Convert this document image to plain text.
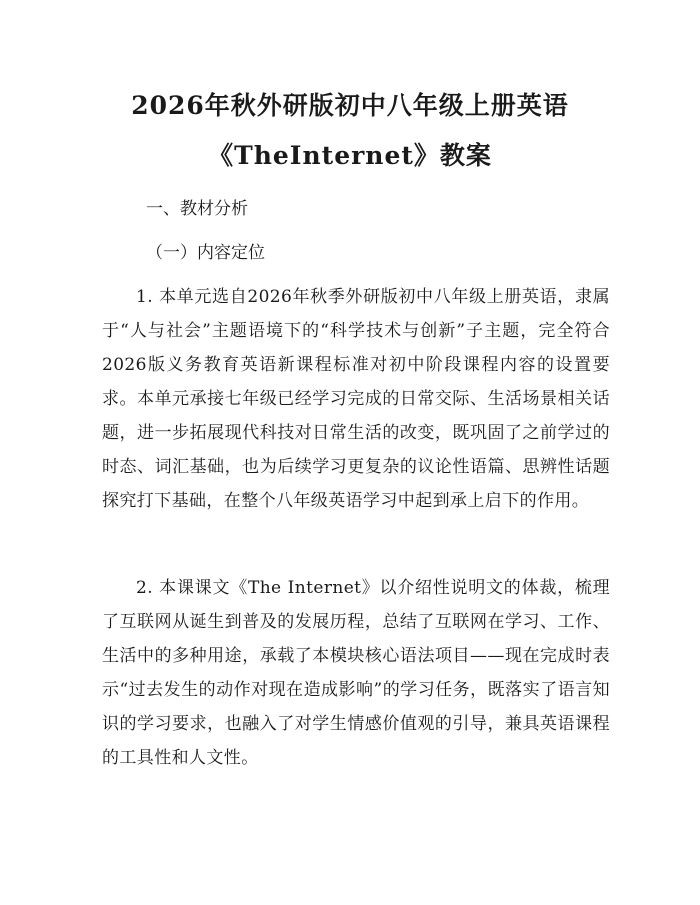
2026年秋外研版初中八年级上册英语
《TheInternet》教案
一、教材分析
（一）内容定位
1. 本单元选自2026年秋季外研版初中八年级上册英语，隶属于“人与社会”主题语境下的“科学技术与创新”子主题，完全符合2026版义务教育英语新课程标准对初中阶段课程内容的设置要求。本单元承接七年级已经学习完成的日常交际、生活场景相关话题，进一步拓展现代科技对日常生活的改变，既巩固了之前学过的时态、词汇基础，也为后续学习更复杂的议论性语篇、思辨性话题探究打下基础，在整个八年级英语学习中起到承上启下的作用。
2. 本课课文《The Internet》以介绍性说明文的体裁，梳理了互联网从诞生到普及的发展历程，总结了互联网在学习、工作、生活中的多种用途，承载了本模块核心语法项目——现在完成时表示“过去发生的动作对现在造成影响”的学习任务，既落实了语言知识的学习要求，也融入了对学生情感价值观的引导，兼具英语课程的工具性和人文性。
